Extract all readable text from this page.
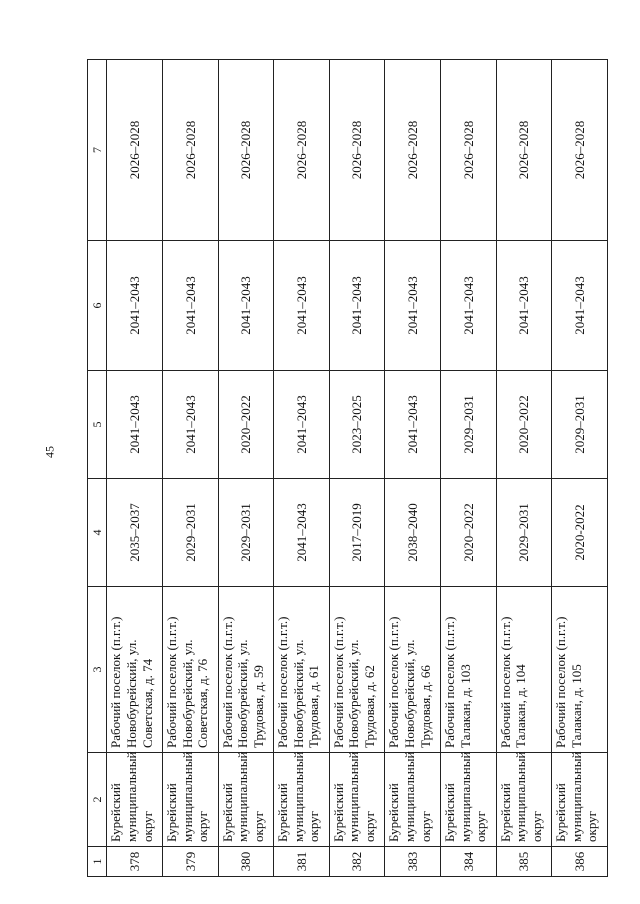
45
1	2	3	4	5	6	7
378	Бурейский муниципальный округ	Рабочий поселок (п.г.т.) Новобурейский, ул. Советская, д. 74	2035–2037	2041–2043	2041–2043	2026–2028
379	Бурейский муниципальный округ	Рабочий поселок (п.г.т.) Новобурейский, ул. Советская, д. 76	2029–2031	2041–2043	2041–2043	2026–2028
380	Бурейский муниципальный округ	Рабочий поселок (п.г.т.) Новобурейский, ул. Трудовая, д. 59	2029–2031	2020–2022	2041–2043	2026–2028
381	Бурейский муниципальный округ	Рабочий поселок (п.г.т.) Новобурейский, ул. Трудовая, д. 61	2041–2043	2041–2043	2041–2043	2026–2028
382	Бурейский муниципальный округ	Рабочий поселок (п.г.т.) Новобурейский, ул. Трудовая, д. 62	2017–2019	2023–2025	2041–2043	2026–2028
383	Бурейский муниципальный округ	Рабочий поселок (п.г.т.) Новобурейский, ул. Трудовая, д. 66	2038–2040	2041–2043	2041–2043	2026–2028
384	Бурейский муниципальный округ	Рабочий поселок (п.г.т.) Талакан, д. 103	2020–2022	2029–2031	2041–2043	2026–2028
385	Бурейский муниципальный округ	Рабочий поселок (п.г.т.) Талакан, д. 104	2029–2031	2020–2022	2041–2043	2026–2028
386	Бурейский муниципальный округ	Рабочий поселок (п.г.т.) Талакан, д. 105	2020-2022	2029–2031	2041–2043	2026–2028
